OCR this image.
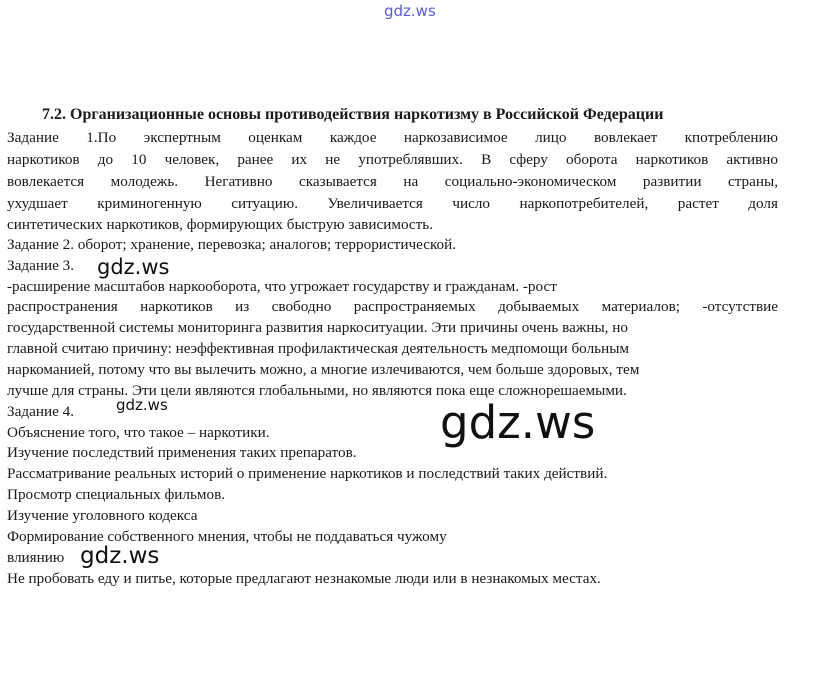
gdz.ws
7.2. Организационные основы противодействия наркотизму в Российской Федерации
Задание 1.По экспертным оценкам каждое наркозависимое лицо вовлекает кпотреблению
наркотиков до 10 человек, ранее их не употреблявших. В сферу оборота наркотиков активно
вовлекается молодежь. Негативно сказывается на социально-экономическом развитии страны,
ухудшает криминогенную ситуацию. Увеличивается число наркопотребителей, растет доля
синтетических наркотиков, формирующих быструю зависимость.
Задание 2. оборот; хранение, перевозка; аналогов; террористической.
Задание 3.
-расширение масштабов наркооборота, что угрожает государству и гражданам. -рост
распространения наркотиков из свободно распространяемых добываемых материалов; -отсутствие
государственной системы мониторинга развития наркоситуации. Эти причины очень важны, но
главной считаю причину: неэффективная профилактическая деятельность медпомощи больным
наркоманией, потому что вы вылечить можно, а многие излечиваются, чем больше здоровых, тем
лучше для страны. Эти цели являются глобальными, но являются пока еще сложнорешаемыми.
Задание 4.
Объяснение того, что такое – наркотики.
Изучение последствий применения таких препаратов.
Рассматривание реальных историй о применение наркотиков и последствий таких действий.
Просмотр специальных фильмов.
Изучение уголовного кодекса
Формирование собственного мнения, чтобы не поддаваться чужому
влиянию
Не пробовать еду и питье, которые предлагают незнакомые люди или в незнакомых местах.
gdz.ws
gdz.ws	gdz.ws
gdz.ws
